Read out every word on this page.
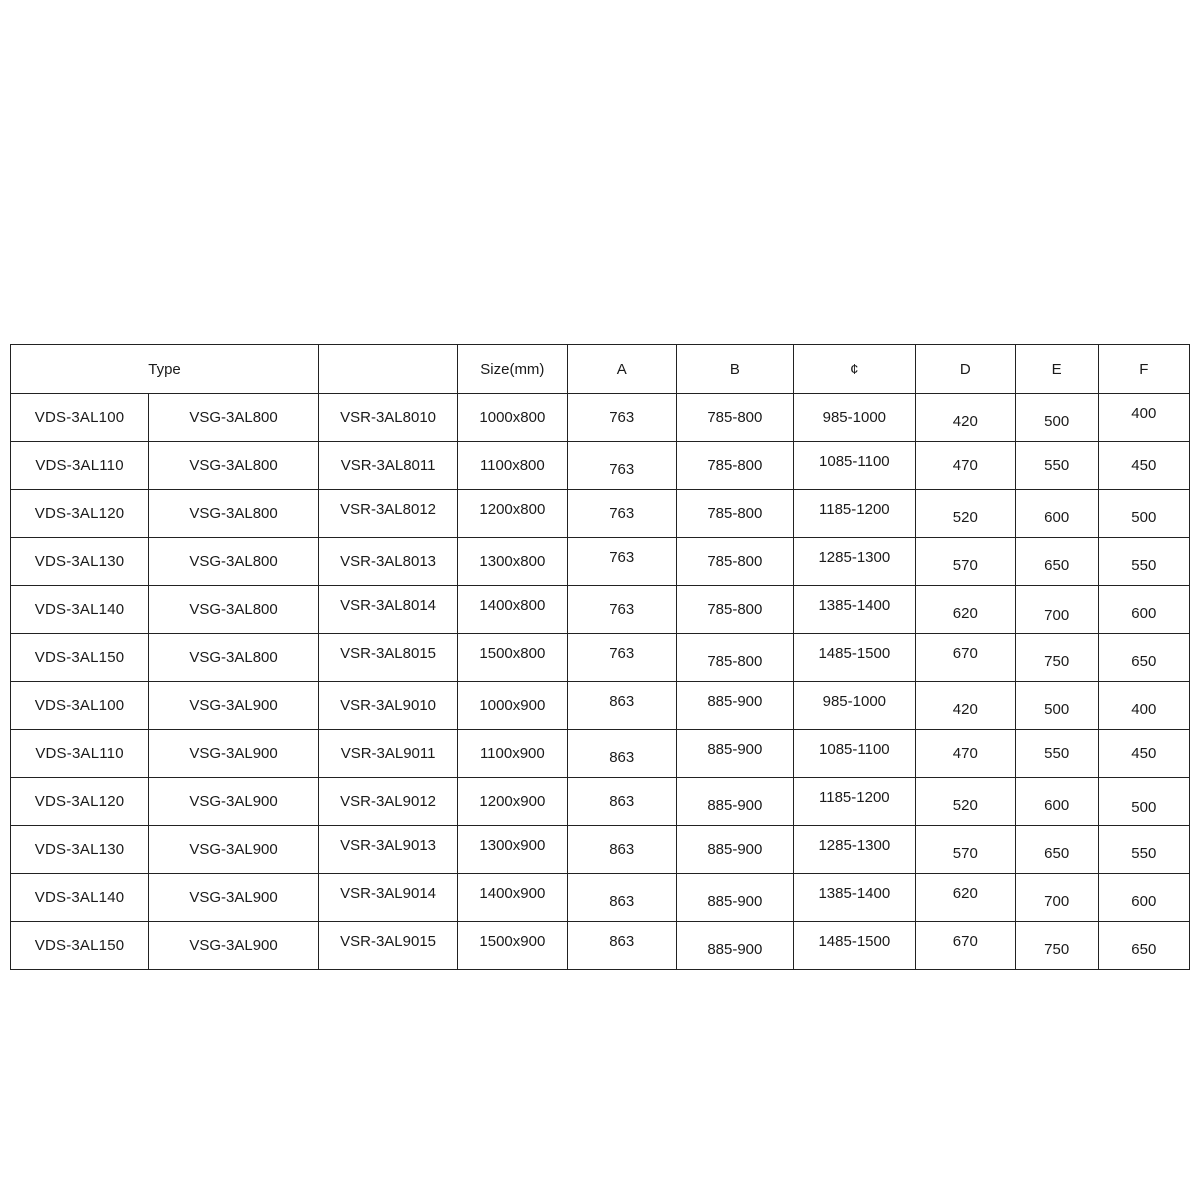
Type			Size(mm)	A	B	¢	D	E	F
VDS-3AL100	VSG-3AL800	VSR-3AL8010	1000x800	763	785-800	985-1000	420	500	400
VDS-3AL110	VSG-3AL800	VSR-3AL8011	1100x800	763	785-800	1085-1100	470	550	450
VDS-3AL120	VSG-3AL800	VSR-3AL8012	1200x800	763	785-800	1185-1200	520	600	500
VDS-3AL130	VSG-3AL800	VSR-3AL8013	1300x800	763	785-800	1285-1300	570	650	550
VDS-3AL140	VSG-3AL800	VSR-3AL8014	1400x800	763	785-800	1385-1400	620	700	600
VDS-3AL150	VSG-3AL800	VSR-3AL8015	1500x800	763	785-800	1485-1500	670	750	650
VDS-3AL100	VSG-3AL900	VSR-3AL9010	1000x900	863	885-900	985-1000	420	500	400
VDS-3AL110	VSG-3AL900	VSR-3AL9011	1100x900	863	885-900	1085-1100	470	550	450
VDS-3AL120	VSG-3AL900	VSR-3AL9012	1200x900	863	885-900	1185-1200	520	600	500
VDS-3AL130	VSG-3AL900	VSR-3AL9013	1300x900	863	885-900	1285-1300	570	650	550
VDS-3AL140	VSG-3AL900	VSR-3AL9014	1400x900	863	885-900	1385-1400	620	700	600
VDS-3AL150	VSG-3AL900	VSR-3AL9015	1500x900	863	885-900	1485-1500	670	750	650
